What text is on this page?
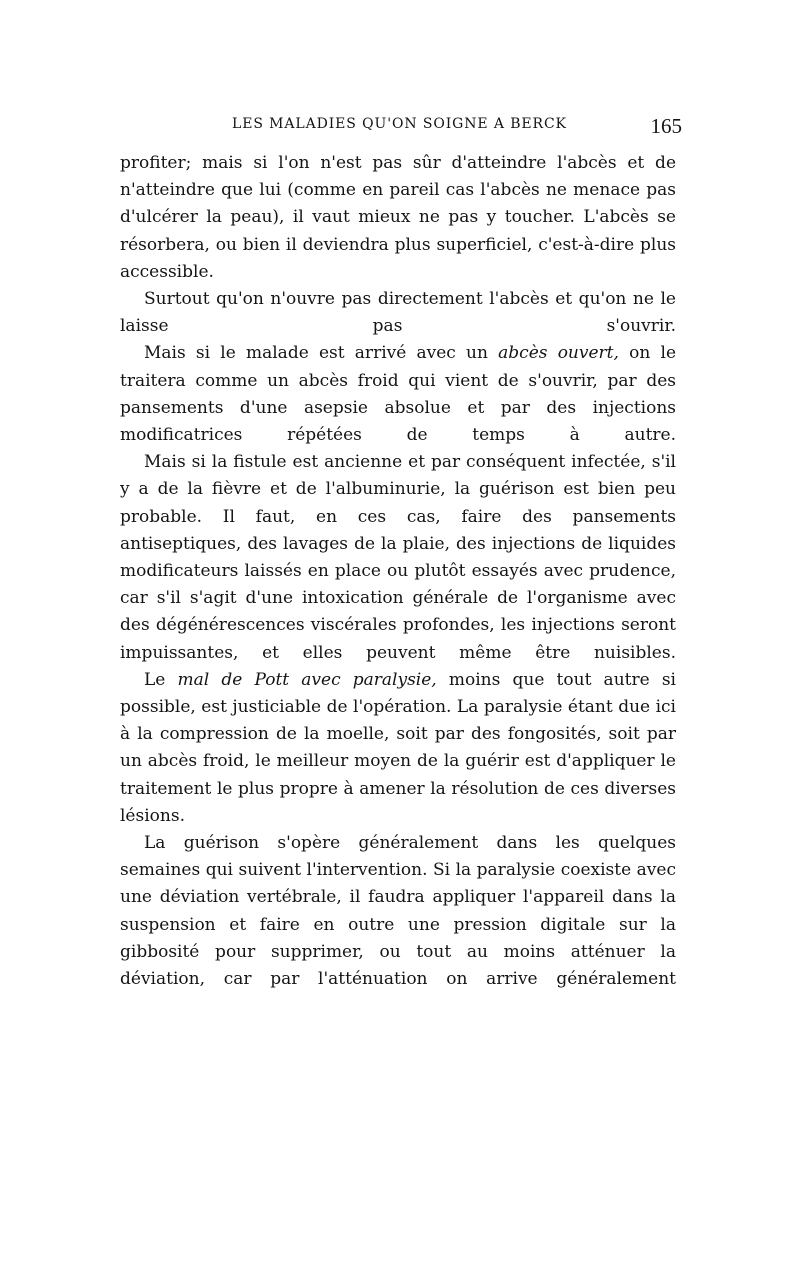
LES MALADIES QU'ON SOIGNE A BERCK	165

profiter; mais si l'on n'est pas sûr d'atteindre l'abcès et de n'atteindre que lui (comme en pareil cas l'abcès ne menace pas d'ulcérer la peau), il vaut mieux ne pas y toucher. L'abcès se résorbera, ou bien il deviendra plus superficiel, c'est-à-dire plus accessible.

Surtout qu'on n'ouvre pas directement l'abcès et qu'on ne le laisse pas s'ouvrir.

Mais si le malade est arrivé avec un abcès ouvert, on le traitera comme un abcès froid qui vient de s'ouvrir, par des pansements d'une asepsie absolue et par des injections modificatrices répétées de temps à autre.

Mais si la fistule est ancienne et par conséquent infectée, s'il y a de la fièvre et de l'albuminurie, la guérison est bien peu probable. Il faut, en ces cas, faire des pansements antiseptiques, des lavages de la plaie, des injections de liquides modificateurs laissés en place ou plutôt essayés avec prudence, car s'il s'agit d'une intoxication générale de l'organisme avec des dégénérescences viscérales profondes, les injections seront impuissantes, et elles peuvent même être nuisibles.

Le mal de Pott avec paralysie, moins que tout autre si possible, est justiciable de l'opération. La paralysie étant due ici à la compression de la moelle, soit par des fongosités, soit par un abcès froid, le meilleur moyen de la guérir est d'appliquer le traitement le plus propre à amener la résolution de ces diverses lésions.

La guérison s'opère généralement dans les quelques semaines qui suivent l'intervention. Si la paralysie coexiste avec une déviation vertébrale, il faudra appliquer l'appareil dans la suspension et faire en outre une pression digitale sur la gibbosité pour supprimer, ou tout au moins atténuer la déviation, car par l'atténuation on arrive généralement
